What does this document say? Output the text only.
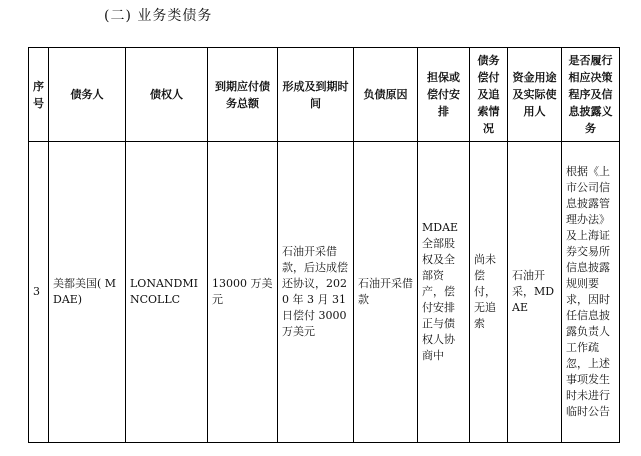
(二) 业务类债务
序号	债务人	债权人	到期应付债务总额	形成及到期时间	负债原因	担保或偿付安排	债务偿付及追索情况	资金用途及实际使用人	是否履行相应决策程序及信息披露义务
3	美都美国( MDAE)	LONANDMINCOLLC	13000 万美元	石油开采借款，后达成偿还协议，2020 年 3 月 31 日偿付 3000 万美元	石油开采借款	MDAE 全部股权及全部资产，偿付安排正与债权人协商中	尚未偿付，无追索	石油开采，MDAE	根据《上市公司信息披露管理办法》及上海证券交易所信息披露规则要求，因时任信息披露负责人工作疏忽，上述事项发生时未进行临时公告
